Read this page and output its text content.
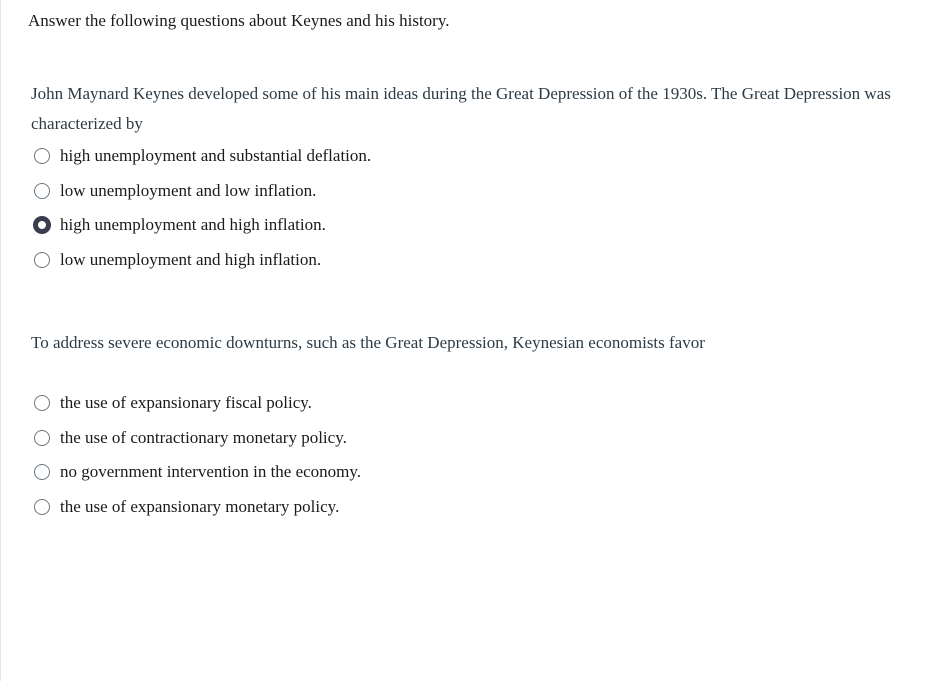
Answer the following questions about Keynes and his history.
John Maynard Keynes developed some of his main ideas during the Great Depression of the 1930s. The Great Depression was characterized by
high unemployment and substantial deflation.
low unemployment and low inflation.
high unemployment and high inflation.
low unemployment and high inflation.
To address severe economic downturns, such as the Great Depression, Keynesian economists favor
the use of expansionary fiscal policy.
the use of contractionary monetary policy.
no government intervention in the economy.
the use of expansionary monetary policy.
